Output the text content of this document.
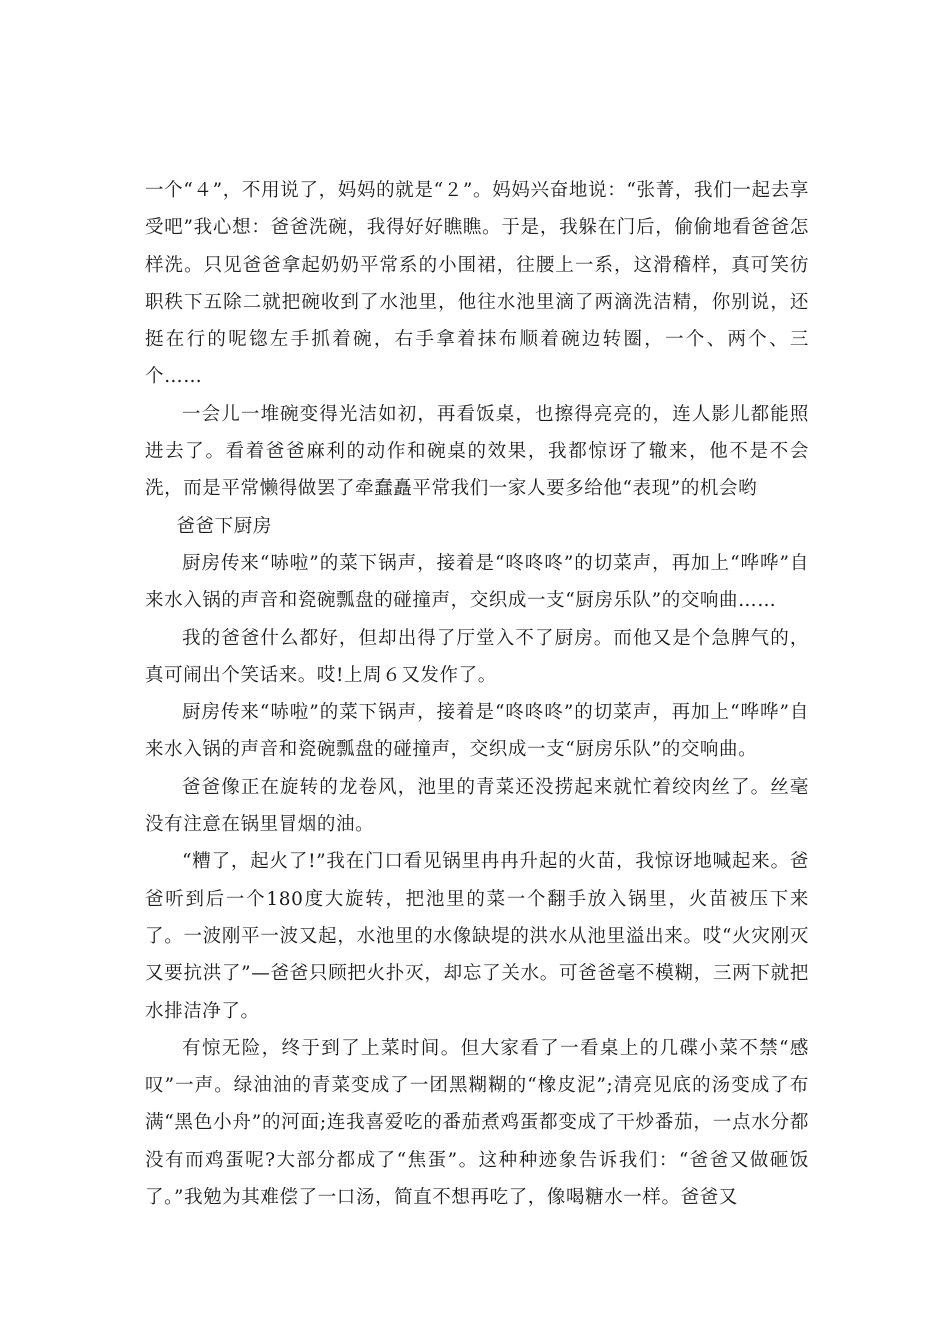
一个“４”，不用说了，妈妈的就是“２”。妈妈兴奋地说：“张菁，我们一起去享受吧”我心想：爸爸洗碗，我得好好瞧瞧。于是，我躲在门后，偷偷地看爸爸怎样洗。只见爸爸拿起奶奶平常系的小围裙，往腰上一系，这滑稽样，真可笑彷职秩下五除二就把碗收到了水池里，他往水池里滴了两滴洗洁精，你别说，还挺在行的呢锪左手抓着碗，右手拿着抹布顺着碗边转圈，一个、两个、三个……

一会儿一堆碗变得光洁如初，再看饭桌，也擦得亮亮的，连人影儿都能照进去了。看着爸爸麻利的动作和碗桌的效果，我都惊讶了辙来，他不是不会洗，而是平常懒得做罢了牵蠢矗平常我们一家人要多给他“表现”的机会哟

爸爸下厨房

厨房传来“哧啦”的菜下锅声，接着是“咚咚咚”的切菜声，再加上“哗哗”自来水入锅的声音和瓷碗瓢盘的碰撞声，交织成一支“厨房乐队”的交响曲……

我的爸爸什么都好，但却出得了厅堂入不了厨房。而他又是个急脾气的，真可闹出个笑话来。哎!上周６又发作了。

厨房传来“哧啦”的菜下锅声，接着是“咚咚咚”的切菜声，再加上“哗哗”自来水入锅的声音和瓷碗瓢盘的碰撞声，交织成一支“厨房乐队”的交响曲。

爸爸像正在旋转的龙卷风，池里的青菜还没捞起来就忙着绞肉丝了。丝毫没有注意在锅里冒烟的油。

“糟了，起火了!”我在门口看见锅里冉冉升起的火苗，我惊讶地喊起来。爸爸听到后一个180度大旋转，把池里的菜一个翻手放入锅里，火苗被压下来了。一波刚平一波又起，水池里的水像缺堤的洪水从池里溢出来。哎“火灾刚灭又要抗洪了”—爸爸只顾把火扑灭，却忘了关水。可爸爸毫不模糊，三两下就把水排洁净了。

有惊无险，终于到了上菜时间。但大家看了一看桌上的几碟小菜不禁“感叹”一声。绿油油的青菜变成了一团黑糊糊的“橡皮泥”;清亮见底的汤变成了布满“黑色小舟”的河面;连我喜爱吃的番茄煮鸡蛋都变成了干炒番茄，一点水分都没有而鸡蛋呢?大部分都成了“焦蛋”。这种种迹象告诉我们：“爸爸又做砸饭了。”我勉为其难偿了一口汤，简直不想再吃了，像喝糖水一样。爸爸又
